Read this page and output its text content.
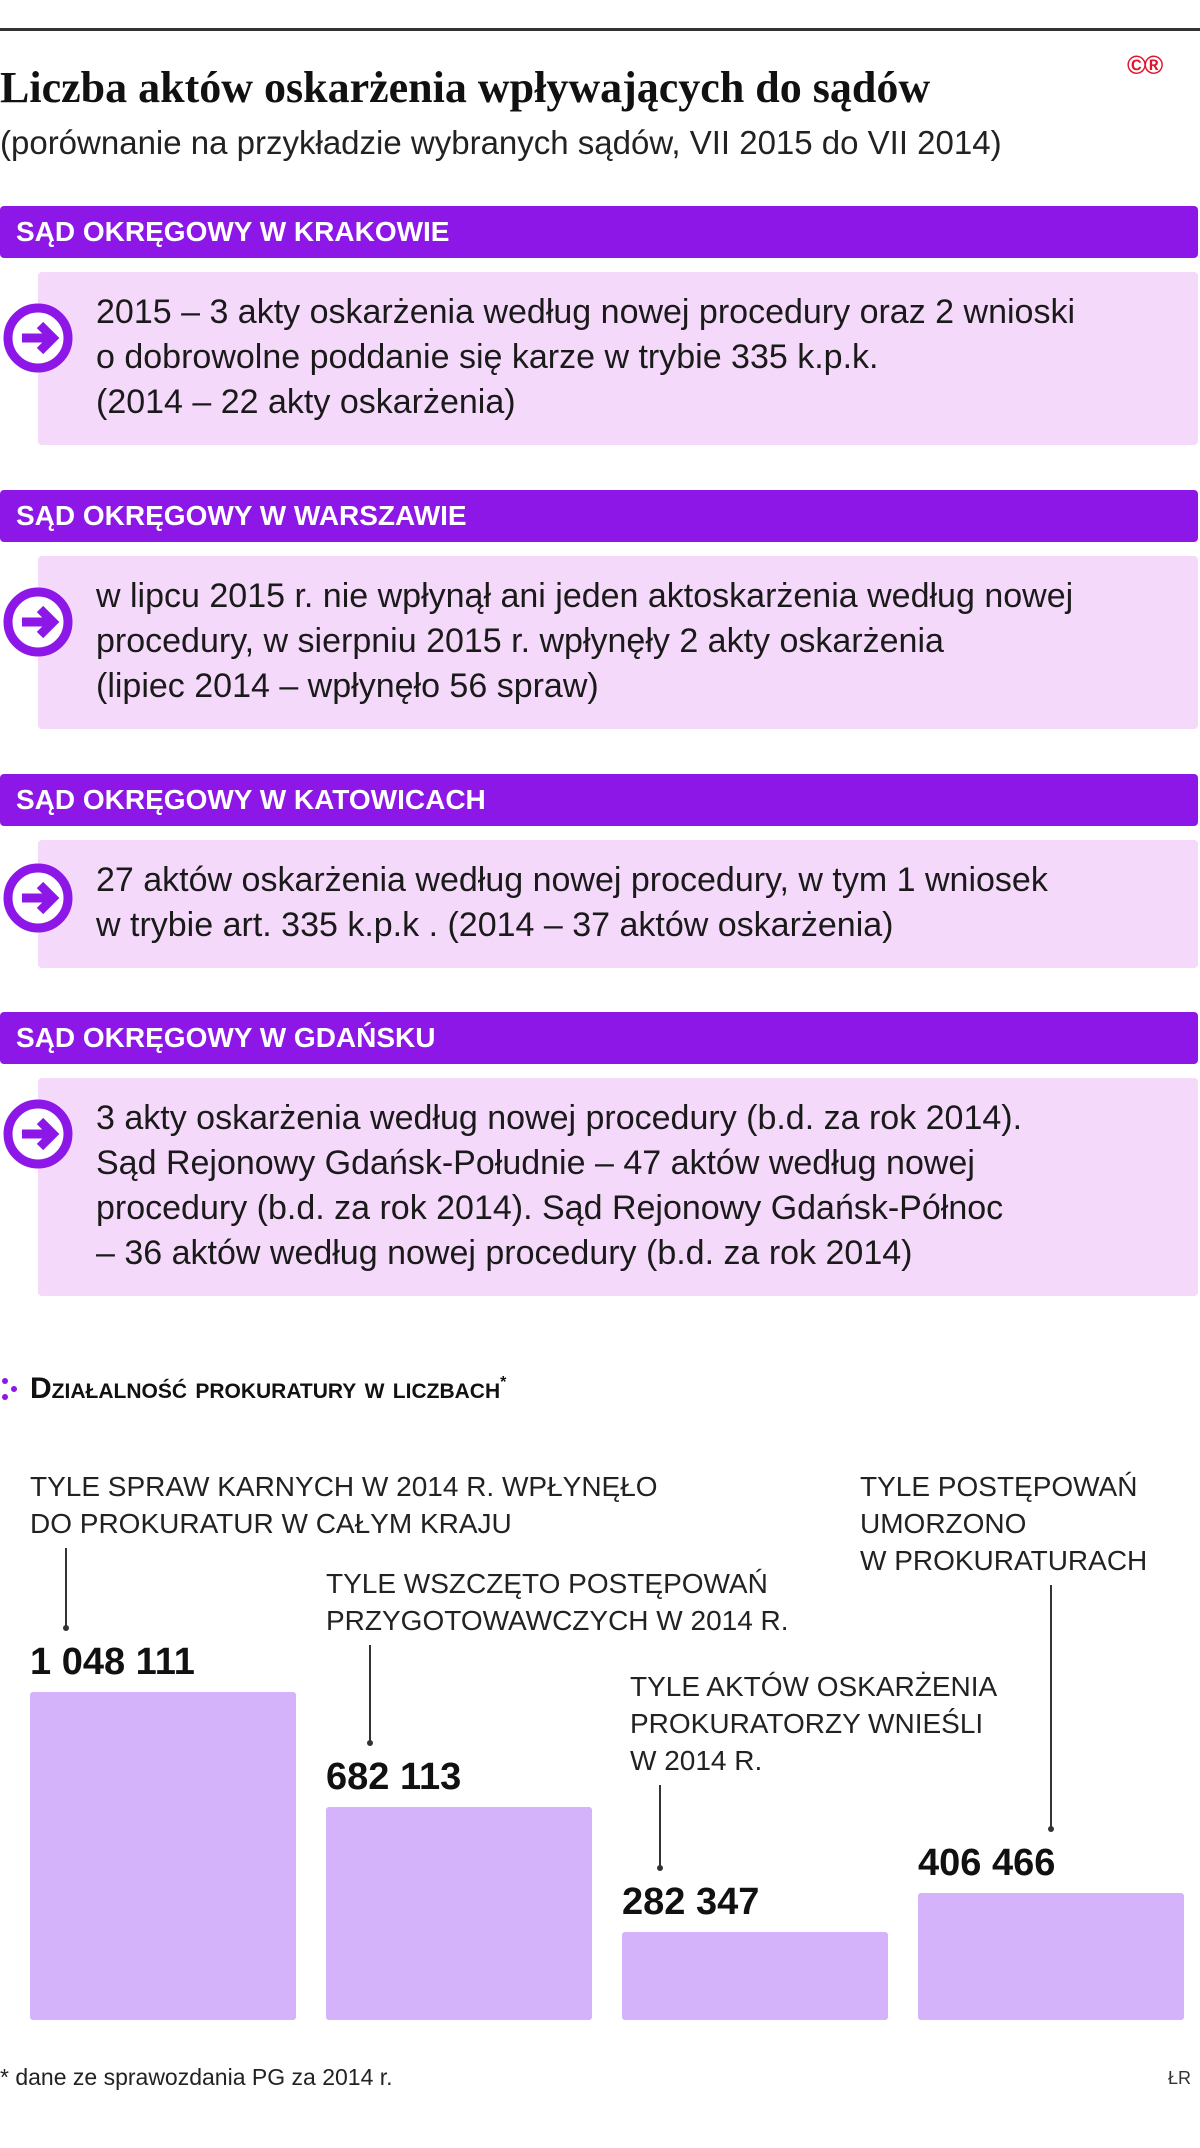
©®
Liczba aktów oskarżenia wpływających do sądów
(porównanie na przykładzie wybranych sądów, VII 2015 do VII 2014)
SĄD OKRĘGOWY W KRAKOWIE

2015 – 3 akty oskarżenia według nowej procedury oraz 2 wnioski

o dobrowolne poddanie się karze w trybie 335 k.p.k.

(2014 – 22 akty oskarżenia)

SĄD OKRĘGOWY W WARSZAWIE

w lipcu 2015 r. nie wpłynął ani jeden aktoskarżenia według nowej

procedury, w sierpniu 2015 r. wpłynęły 2 akty oskarżenia

(lipiec 2014 – wpłynęło 56 spraw)

SĄD OKRĘGOWY W KATOWICACH

27 aktów oskarżenia według nowej procedury, w tym 1 wniosek

w trybie art. 335 k.p.k . (2014 – 37 aktów oskarżenia)

SĄD OKRĘGOWY W GDAŃSKU

3 akty oskarżenia według nowej procedury (b.d. za rok 2014).

Sąd Rejonowy Gdańsk-Południe – 47 aktów według nowej

procedury (b.d. za rok 2014). Sąd Rejonowy Gdańsk-Północ

– 36 aktów według nowej procedury (b.d. za rok 2014)

Działalność prokuratury w liczbach*
1 048 111
TYLE SPRAW KARNYCH W 2014 R. WPŁYNĘŁO
DO PROKURATUR W CAŁYM KRAJU
682 113
TYLE WSZCZĘTO POSTĘPOWAŃ
PRZYGOTOWAWCZYCH W 2014 R.
282 347
TYLE AKTÓW OSKARŻENIA
PROKURATORZY WNIEŚLI
W 2014 R.
406 466
TYLE POSTĘPOWAŃ
UMORZONO
W PROKURATURACH
* dane ze sprawozdania PG za 2014 r.	ŁR
